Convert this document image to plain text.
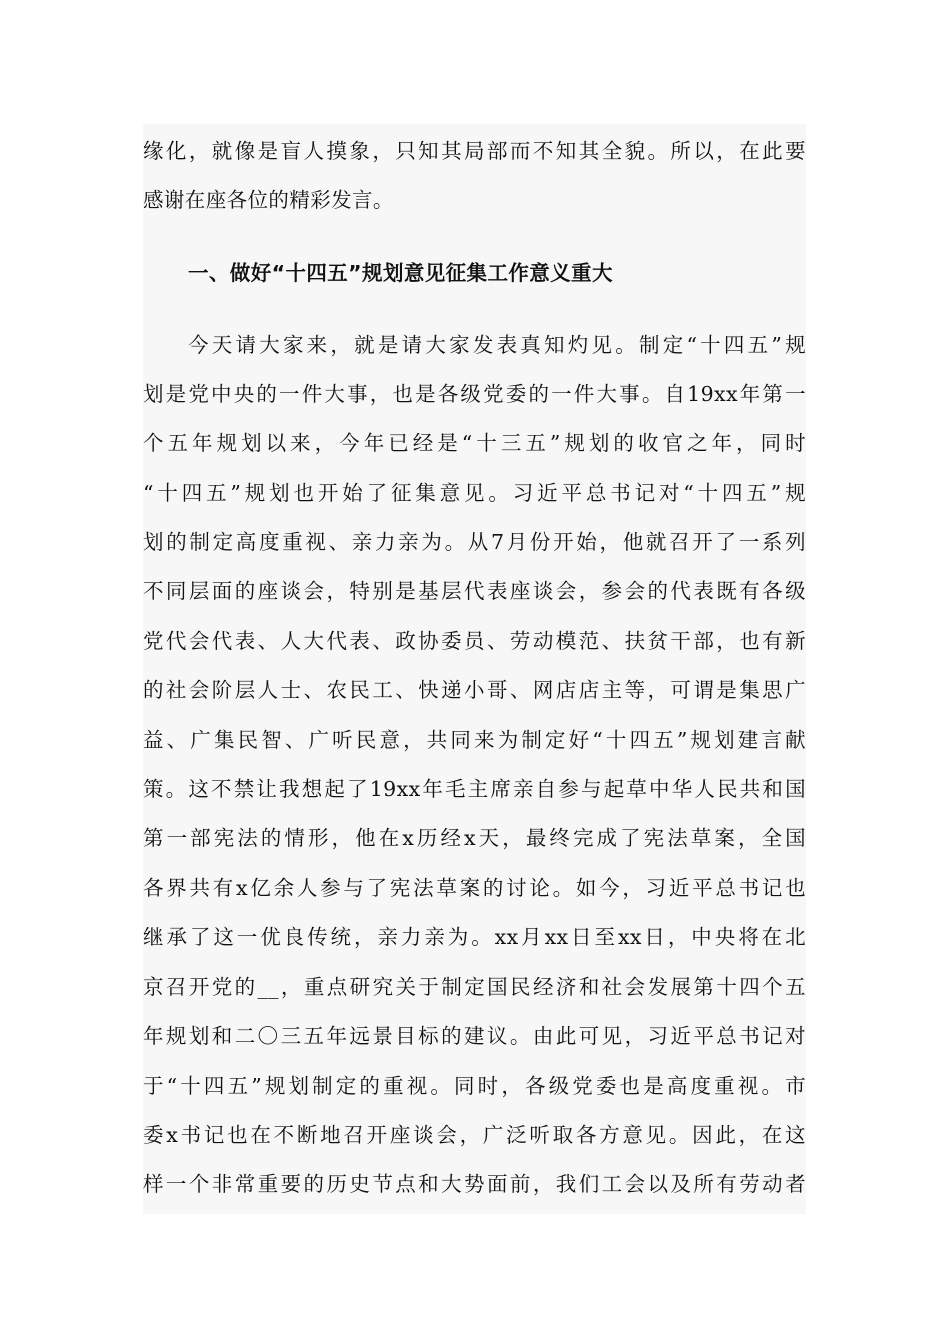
缘化，就像是盲人摸象，只知其局部而不知其全貌。所以，在此要
感谢在座各位的精彩发言。
一、做好“十四五”规划意见征集工作意义重大
今天请大家来，就是请大家发表真知灼见。制定“十四五”规
划是党中央的一件大事，也是各级党委的一件大事。自19xx年第一
个五年规划以来，今年已经是“十三五”规划的收官之年，同时
“十四五”规划也开始了征集意见。习近平总书记对“十四五”规
划的制定高度重视、亲力亲为。从7月份开始，他就召开了一系列
不同层面的座谈会，特别是基层代表座谈会，参会的代表既有各级
党代会代表、人大代表、政协委员、劳动模范、扶贫干部，也有新
的社会阶层人士、农民工、快递小哥、网店店主等，可谓是集思广
益、广集民智、广听民意，共同来为制定好“十四五”规划建言献
策。这不禁让我想起了19xx年毛主席亲自参与起草中华人民共和国
第一部宪法的情形，他在x历经x天，最终完成了宪法草案，全国
各界共有x亿余人参与了宪法草案的讨论。如今，习近平总书记也
继承了这一优良传统，亲力亲为。xx月xx日至xx日，中央将在北
京召开党的__，重点研究关于制定国民经济和社会发展第十四个五
年规划和二〇三五年远景目标的建议。由此可见，习近平总书记对
于“十四五”规划制定的重视。同时，各级党委也是高度重视。市
委x书记也在不断地召开座谈会，广泛听取各方意见。因此，在这
样一个非常重要的历史节点和大势面前，我们工会以及所有劳动者
